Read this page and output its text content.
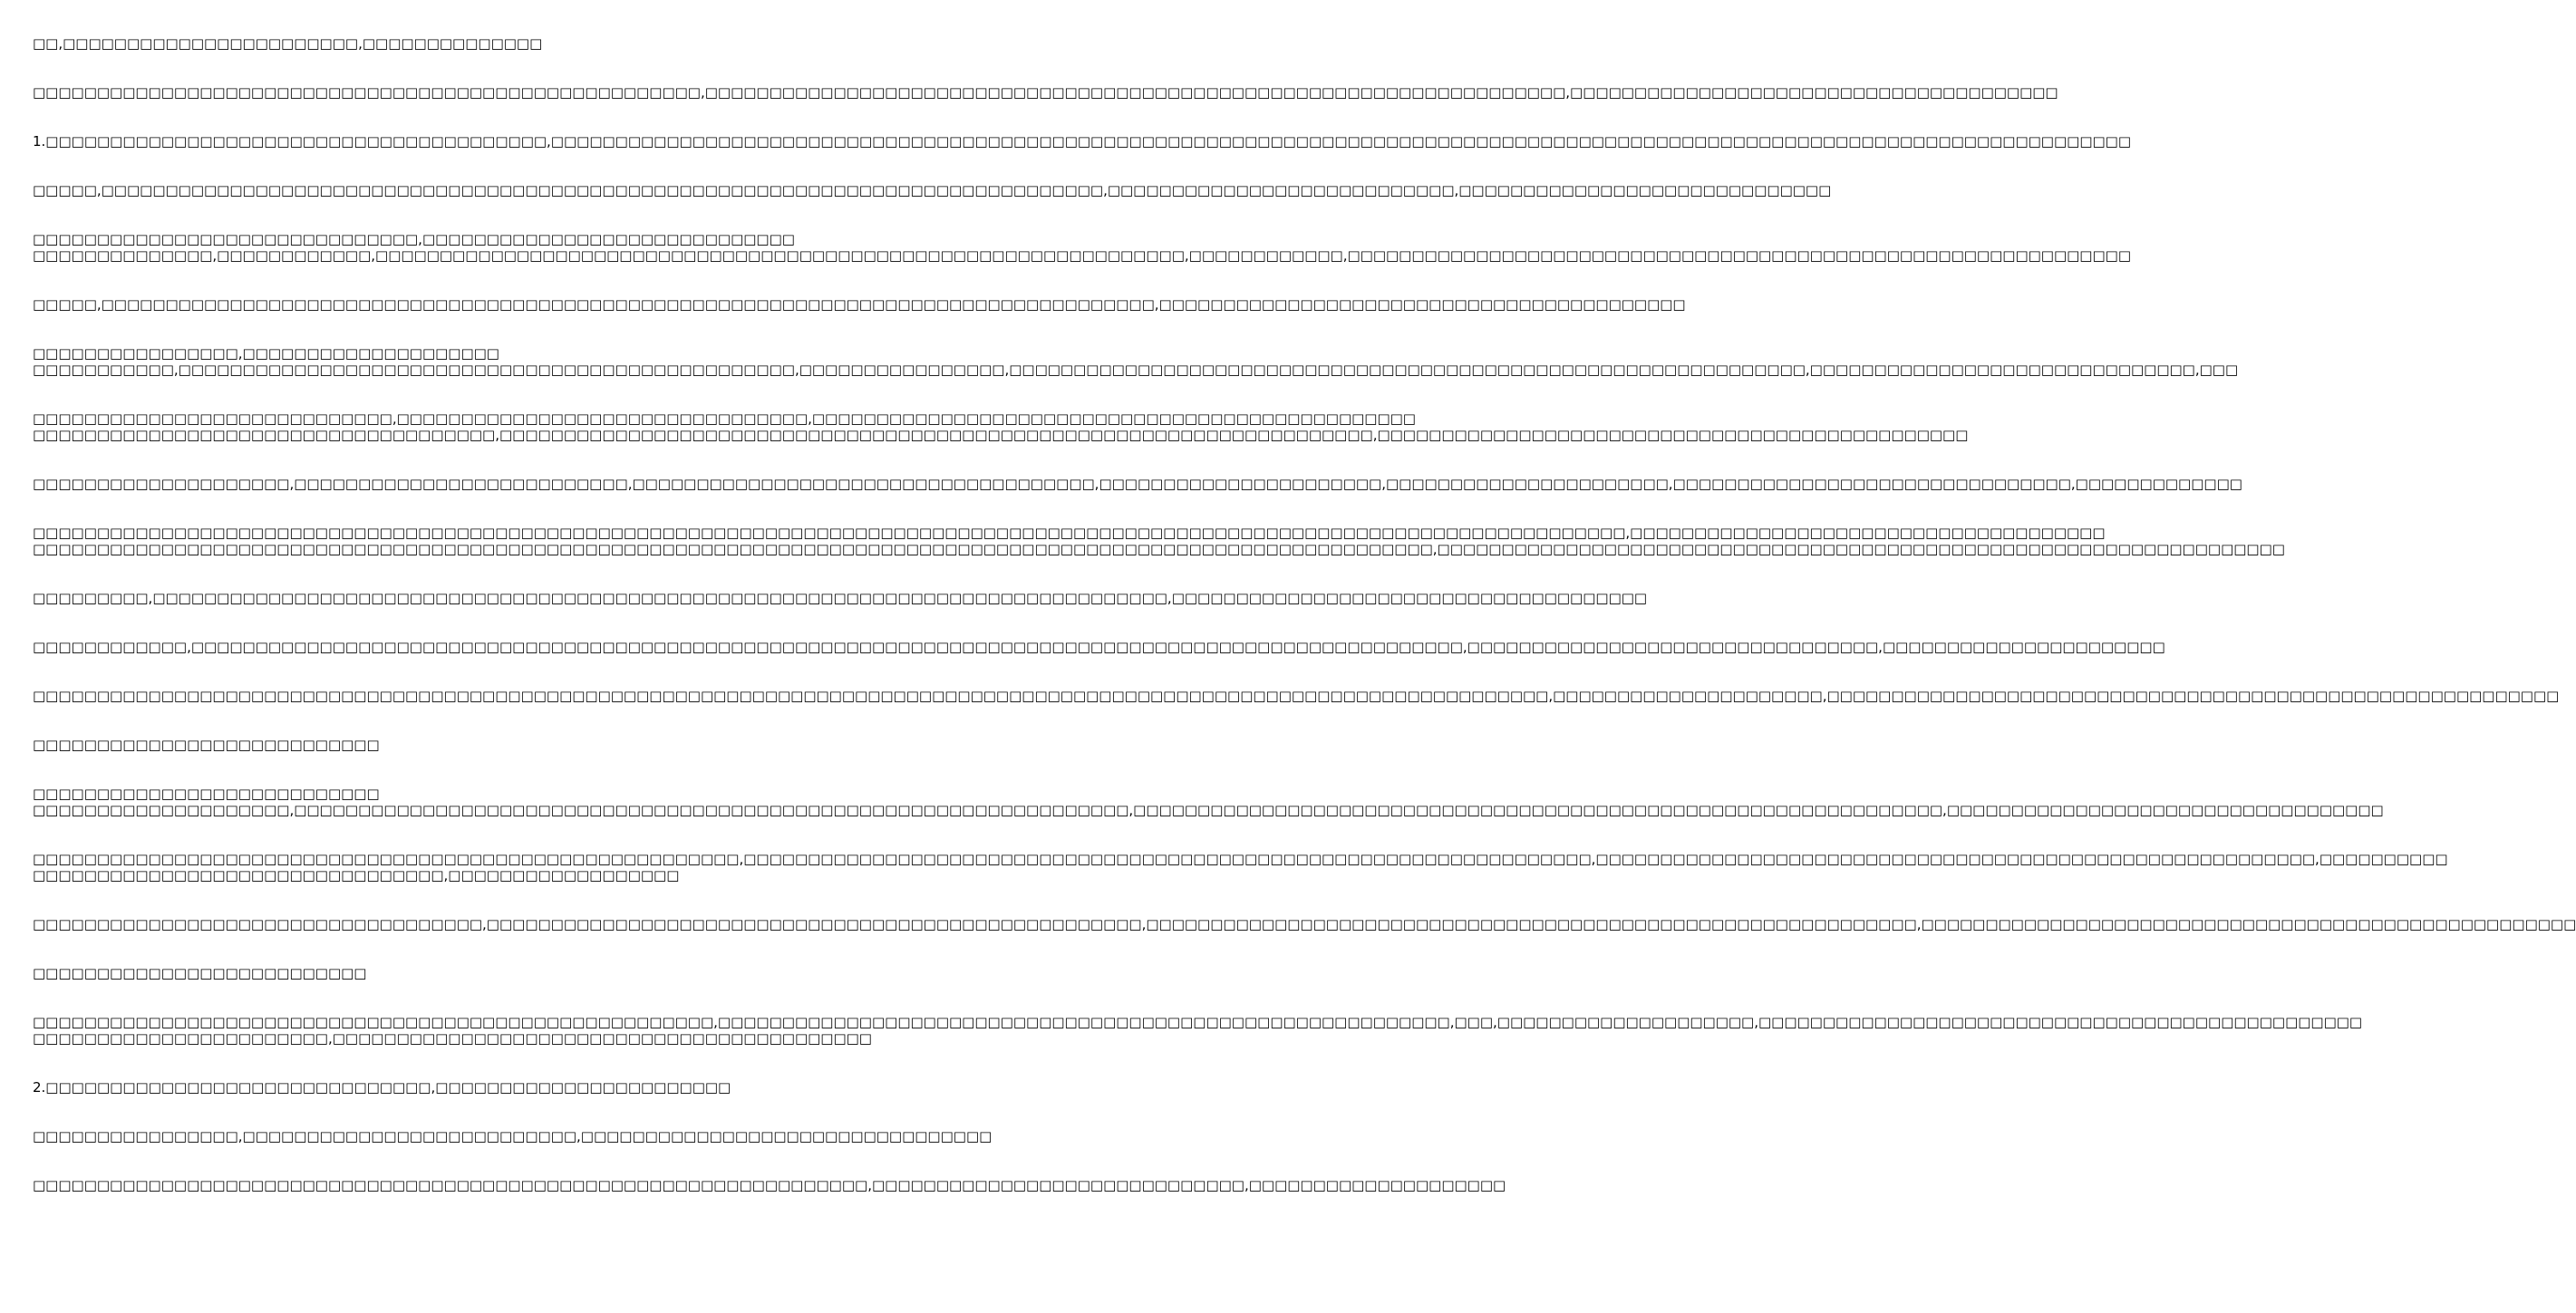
□□,□□□□□□□□□□□□□□□□□□□□□□□,□□□□□□□□□□□□□□

□□□□□□□□□□□□□□□□□□□□□□□□□□□□□□□□□□□□□□□□□□□□□□□□□□□□,□□□□□□□□□□□□□□□□□□□□□□□□□□□□□□□□□□□□□□□□□□□□□□□□□□□□□□□□□□□□□□□□□□□,□□□□□□□□□□□□□□□□□□□□□□□□□□□□□□□□□□□□□□

1.□□□□□□□□□□□□□□□□□□□□□□□□□□□□□□□□□□□□□□□,□□□□□□□□□□□□□□□□□□□□□□□□□□□□□□□□□□□□□□□□□□□□□□□□□□□□□□□□□□□□□□□□□□□□□□□□□□□□□□□□□□□□□□□□□□□□□□□□□□□□□□□□□□□□□□□□□□□□□□□□□□□

□□□□□,□□□□□□□□□□□□□□□□□□□□□□□□□□□□□□□□□□□□□□□□□□□□□□□□□□□□□□□□□□□□□□□□□□□□□□□□□□□□□□,□□□□□□□□□□□□□□□□□□□□□□□□□□□,□□□□□□□□□□□□□□□□□□□□□□□□□□□□□

□□□□□□□□□□□□□□□□□□□□□□□□□□□□□□,□□□□□□□□□□□□□□□□□□□□□□□□□□□□□
□□□□□□□□□□□□□□,□□□□□□□□□□□□,□□□□□□□□□□□□□□□□□□□□□□□□□□□□□□□□□□□□□□□□□□□□□□□□□□□□□□□□□□□□□□□,□□□□□□□□□□□□,□□□□□□□□□□□□□□□□□□□□□□□□□□□□□□□□□□□□□□□□□□□□□□□□□□□□□□□□□□□□□

□□□□□,□□□□□□□□□□□□□□□□□□□□□□□□□□□□□□□□□□□□□□□□□□□□□□□□□□□□□□□□□□□□□□□□□□□□□□□□□□□□□□□□□□,□□□□□□□□□□□□□□□□□□□□□□□□□□□□□□□□□□□□□□□□□

□□□□□□□□□□□□□□□□,□□□□□□□□□□□□□□□□□□□□
□□□□□□□□□□□,□□□□□□□□□□□□□□□□□□□□□□□□□□□□□□□□□□□□□□□□□□□□□□□□,□□□□□□□□□□□□□□□□,□□□□□□□□□□□□□□□□□□□□□□□□□□□□□□□□□□□□□□□□□□□□□□□□□□□□□□□□□□□□□□,□□□□□□□□□□□□□□□□□□□□□□□□□□□□□□,□□□

□□□□□□□□□□□□□□□□□□□□□□□□□□□□,□□□□□□□□□□□□□□□□□□□□□□□□□□□□□□□□,□□□□□□□□□□□□□□□□□□□□□□□□□□□□□□□□□□□□□□□□□□□□□□□
□□□□□□□□□□□□□□□□□□□□□□□□□□□□□□□□□□□□,□□□□□□□□□□□□□□□□□□□□□□□□□□□□□□□□□□□□□□□□□□□□□□□□□□□□□□□□□□□□□□□□□□□□,□□□□□□□□□□□□□□□□□□□□□□□□□□□□□□□□□□□□□□□□□□□□□□

□□□□□□□□□□□□□□□□□□□□,□□□□□□□□□□□□□□□□□□□□□□□□□□,□□□□□□□□□□□□□□□□□□□□□□□□□□□□□□□□□□□□,□□□□□□□□□□□□□□□□□□□□□□,□□□□□□□□□□□□□□□□□□□□□□,□□□□□□□□□□□□□□□□□□□□□□□□□□□□□□□,□□□□□□□□□□□□□

□□□□□□□□□□□□□□□□□□□□□□□□□□□□□□□□□□□□□□□□□□□□□□□□□□□□□□□□□□□□□□□□□□□□□□□□□□□□□□□□□□□□□□□□□□□□□□□□□□□□□□□□□□□□□□□□□□□□□□□□□□□□,□□□□□□□□□□□□□□□□□□□□□□□□□□□□□□□□□□□□□
□□□□□□□□□□□□□□□□□□□□□□□□□□□□□□□□□□□□□□□□□□□□□□□□□□□□□□□□□□□□□□□□□□□□□□□□□□□□□□□□□□□□□□□□□□□□□□□□□□□□□□□□□□□□□,□□□□□□□□□□□□□□□□□□□□□□□□□□□□□□□□□□□□□□□□□□□□□□□□□□□□□□□□□□□□□□□□□□

□□□□□□□□□,□□□□□□□□□□□□□□□□□□□□□□□□□□□□□□□□□□□□□□□□□□□□□□□□□□□□□□□□□□□□□□□□□□□□□□□□□□□□□□□,□□□□□□□□□□□□□□□□□□□□□□□□□□□□□□□□□□□□□

□□□□□□□□□□□□,□□□□□□□□□□□□□□□□□□□□□□□□□□□□□□□□□□□□□□□□□□□□□□□□□□□□□□□□□□□□□□□□□□□□□□□□□□□□□□□□□□□□□□□□□□□□□□□□□□□,□□□□□□□□□□□□□□□□□□□□□□□□□□□□□□□□,□□□□□□□□□□□□□□□□□□□□□□

□□□□□□□□□□□□□□□□□□□□□□□□□□□□□□□□□□□□□□□□□□□□□□□□□□□□□□□□□□□□□□□□□□□□□□□□□□□□□□□□□□□□□□□□□□□□□□□□□□□□□□□□□□□□□□□□□□□□□□,□□□□□□□□□□□□□□□□□□□□□,□□□□□□□□□□□□□□□□□□□□□□□□□□□□□□□□□□□□□□□□□□□□□□□□□□□□□□□□□

□□□□□□□□□□□□□□□□□□□□□□□□□□□

□□□□□□□□□□□□□□□□□□□□□□□□□□□
□□□□□□□□□□□□□□□□□□□□,□□□□□□□□□□□□□□□□□□□□□□□□□□□□□□□□□□□□□□□□□□□□□□□□□□□□□□□□□□□□□□□□□,□□□□□□□□□□□□□□□□□□□□□□□□□□□□□□□□□□□□□□□□□□□□□□□□□□□□□□□□□□□□□□□,□□□□□□□□□□□□□□□□□□□□□□□□□□□□□□□□□□

□□□□□□□□□□□□□□□□□□□□□□□□□□□□□□□□□□□□□□□□□□□□□□□□□□□□□□□,□□□□□□□□□□□□□□□□□□□□□□□□□□□□□□□□□□□□□□□□□□□□□□□□□□□□□□□□□□□□□□□□□□,□□□□□□□□□□□□□□□□□□□□□□□□□□□□□□□□□□□□□□□□□□□□□□□□□□□□□□□□,□□□□□□□□□□
□□□□□□□□□□□□□□□□□□□□□□□□□□□□□□□□,□□□□□□□□□□□□□□□□□□

□□□□□□□□□□□□□□□□□□□□□□□□□□□□□□□□□□□,□□□□□□□□□□□□□□□□□□□□□□□□□□□□□□□□□□□□□□□□□□□□□□□□□□□,□□□□□□□□□□□□□□□□□□□□□□□□□□□□□□□□□□□□□□□□□□□□□□□□□□□□□□□□□□□□,□□□□□□□□□□□□□□□□□□□□□□□□□□□□□□□□□□□□□□□□□□□□□□□□□□□

□□□□□□□□□□□□□□□□□□□□□□□□□□

□□□□□□□□□□□□□□□□□□□□□□□□□□□□□□□□□□□□□□□□□□□□□□□□□□□□□,□□□□□□□□□□□□□□□□□□□□□□□□□□□□□□□□□□□□□□□□□□□□□□□□□□□□□□□□□,□□□,□□□□□□□□□□□□□□□□□□□□,□□□□□□□□□□□□□□□□□□□□□□□□□□□□□□□□□□□□□□□□□□□□□□□
□□□□□□□□□□□□□□□□□□□□□□□,□□□□□□□□□□□□□□□□□□□□□□□□□□□□□□□□□□□□□□□□□□

2.□□□□□□□□□□□□□□□□□□□□□□□□□□□□□□,□□□□□□□□□□□□□□□□□□□□□□□

□□□□□□□□□□□□□□□□,□□□□□□□□□□□□□□□□□□□□□□□□□□,□□□□□□□□□□□□□□□□□□□□□□□□□□□□□□□□

□□□□□□□□□□□□□□□□□□□□□□□□□□□□□□□□□□□□□□□□□□□□□□□□□□□□□□□□□□□□□□□□□,□□□□□□□□□□□□□□□□□□□□□□□□□□□□□,□□□□□□□□□□□□□□□□□□□□
